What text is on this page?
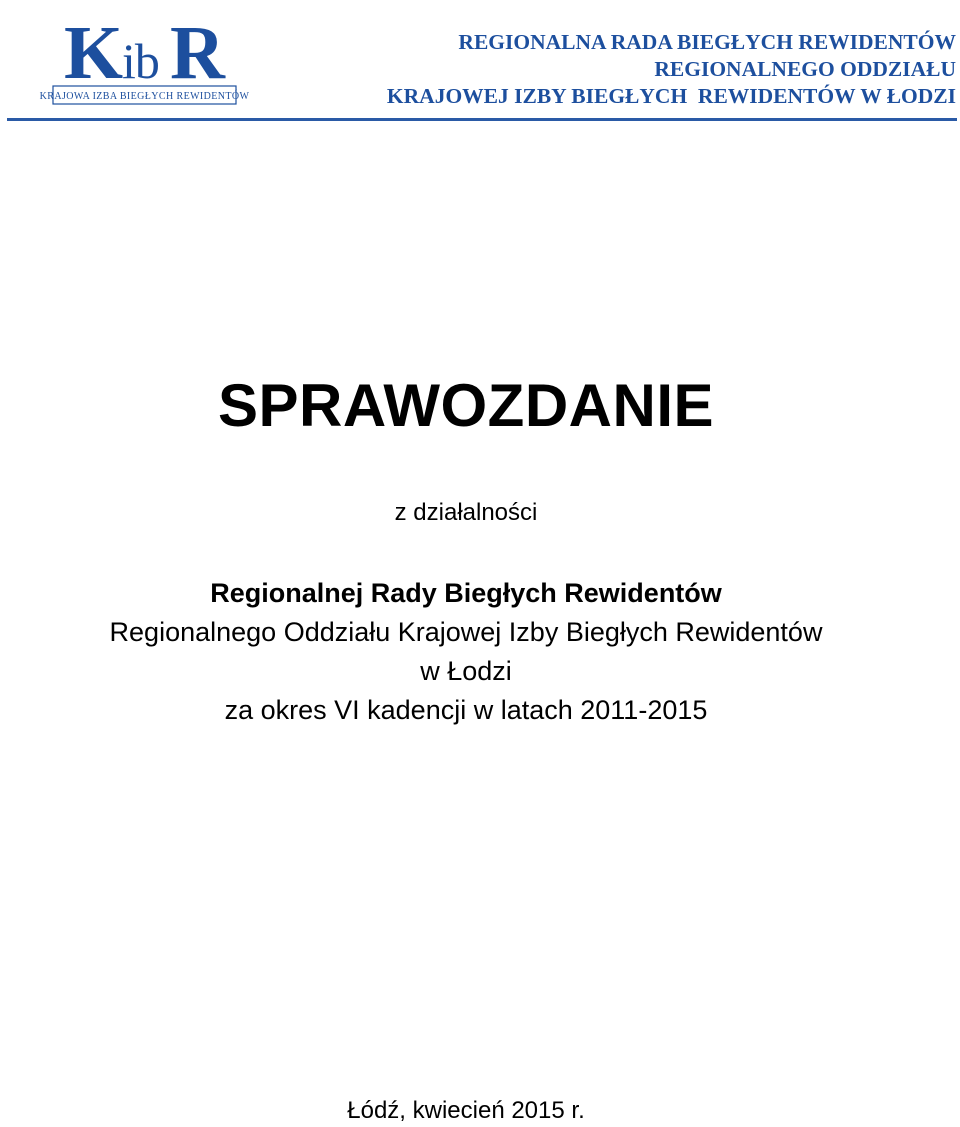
K ib R
KRAJOWA IZBA BIEGŁYCH REWIDENTÓW
REGIONALNA RADA BIEGŁYCH REWIDENTÓW
REGIONALNEGO ODDZIAŁU
KRAJOWEJ IZBY BIEGŁYCH  REWIDENTÓW W ŁODZI
SPRAWOZDANIE
z działalności
Regionalnej Rady Biegłych Rewidentów
Regionalnego Oddziału Krajowej Izby Biegłych Rewidentów
w Łodzi
za okres VI kadencji w latach 2011-2015
Łódź, kwiecień 2015 r.
